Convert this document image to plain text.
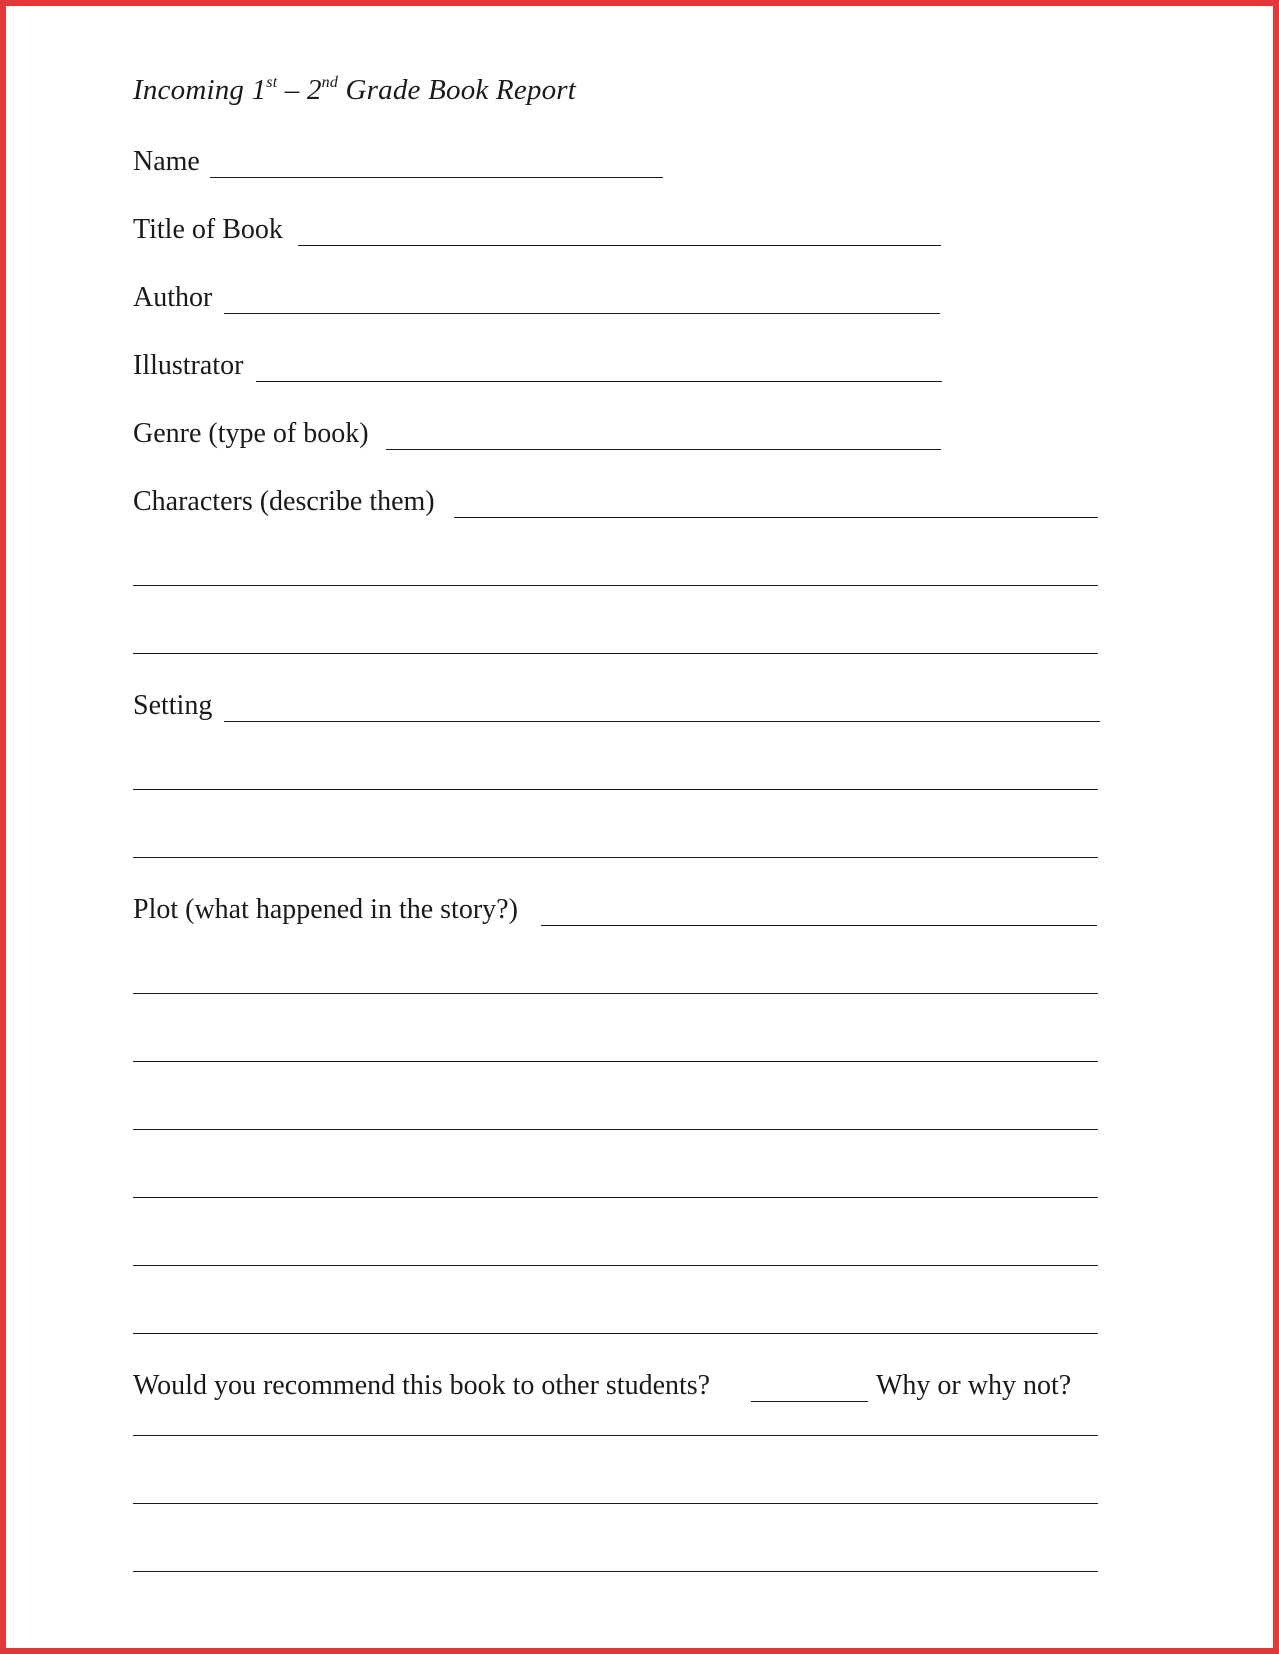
Incoming 1st – 2nd Grade Book Report
Name
Title of Book
Author
Illustrator
Genre (type of book)
Characters (describe them)
Setting
Plot (what happened in the story?)
Would you recommend this book to other students?	Why or why not?
